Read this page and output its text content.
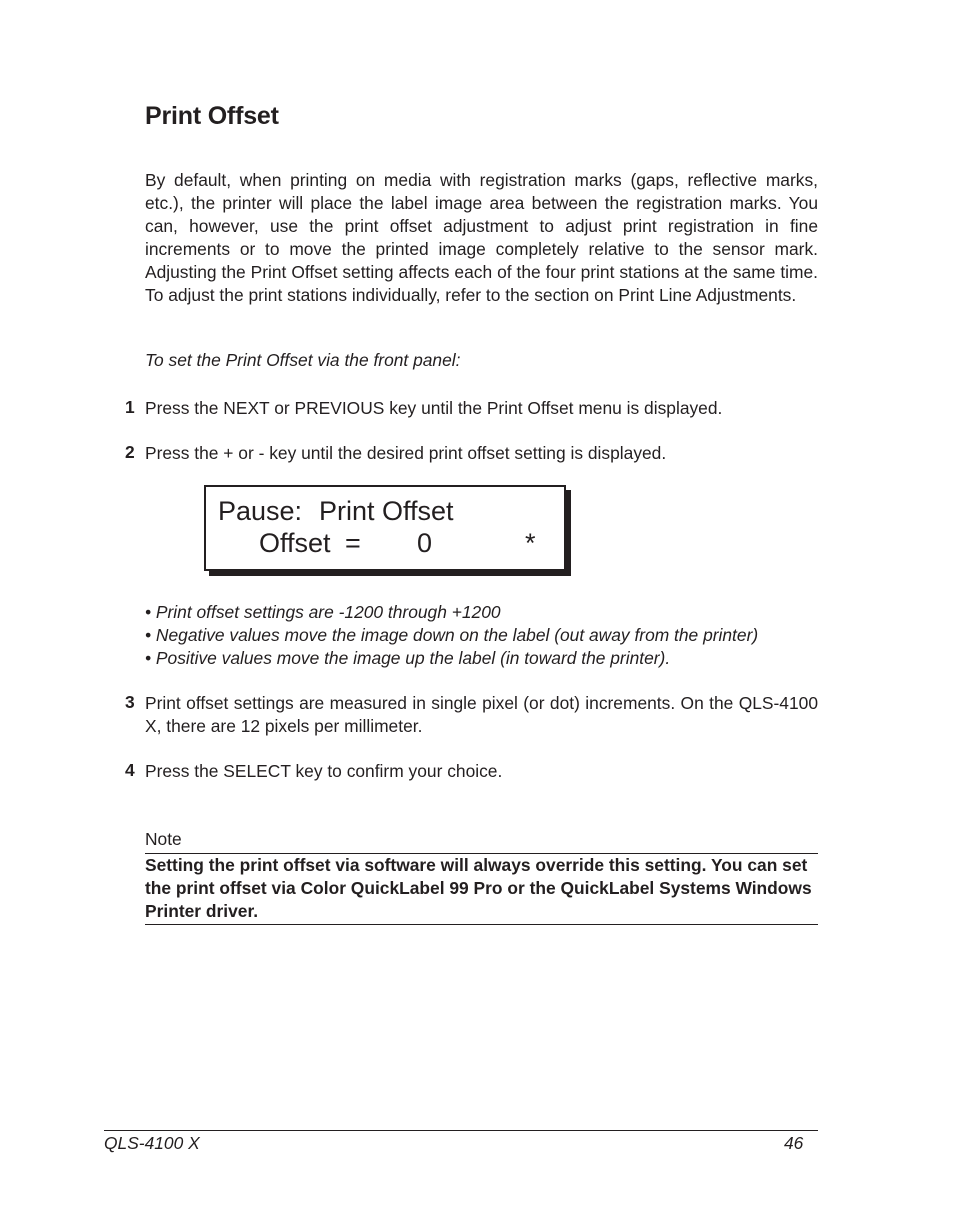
Print Offset
By default, when printing on media with registration marks (gaps, reflective marks, etc.), the printer will place the label image area between the registration marks. You can, however, use the print offset adjustment to adjust print registration in fine increments or to move the printed image completely relative to the sensor mark. Adjusting the Print Offset setting affects each of the four print stations at the same time. To adjust the print stations individually, refer to the section on Print Line Adjustments.
To set the Print Offset via the front panel:
1 Press the NEXT or PREVIOUS key until the Print Offset menu is displayed.
2 Press the + or - key until the desired print offset setting is displayed.
Pause: Print Offset
Offset = 0	*
• Print offset settings are -1200 through +1200
• Negative values move the image down on the label (out away from the printer)
• Positive values move the image up the label (in toward the printer).
3 Print offset settings are measured in single pixel (or dot) increments. On the QLS-4100 X, there are 12 pixels per millimeter.
4 Press the SELECT key to confirm your choice.
Note
Setting the print offset via software will always override this setting. You can set the print offset via Color QuickLabel 99 Pro or the QuickLabel Systems Windows Printer driver.
QLS-4100 X	46
